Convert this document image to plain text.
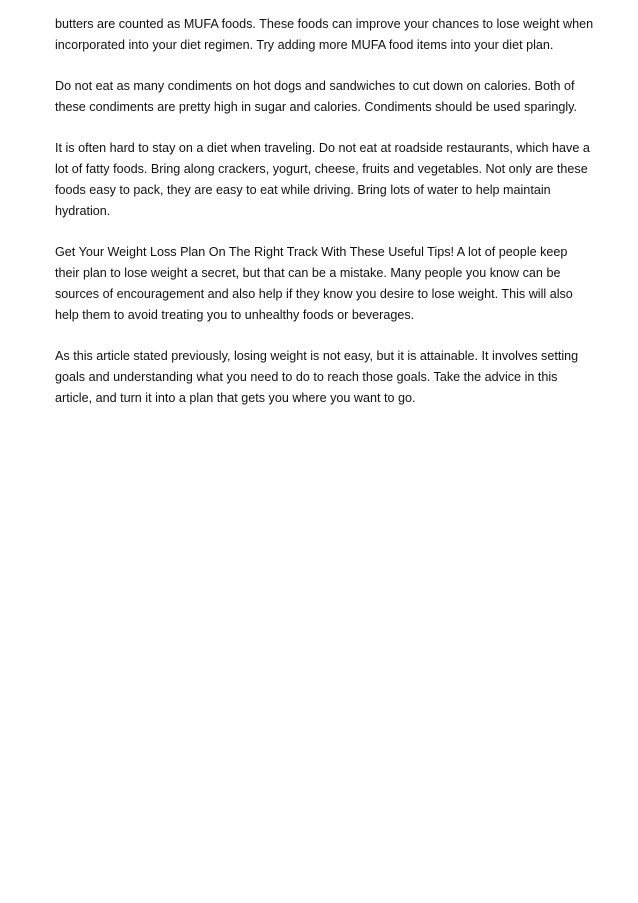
butters are counted as MUFA foods. These foods can improve your chances to lose weight when incorporated into your diet regimen. Try adding more MUFA food items into your diet plan.

Do not eat as many condiments on hot dogs and sandwiches to cut down on calories. Both of these condiments are pretty high in sugar and calories. Condiments should be used sparingly.

It is often hard to stay on a diet when traveling. Do not eat at roadside restaurants, which have a lot of fatty foods. Bring along crackers, yogurt, cheese, fruits and vegetables. Not only are these foods easy to pack, they are easy to eat while driving. Bring lots of water to help maintain hydration.

Get Your Weight Loss Plan On The Right Track With These Useful Tips! A lot of people keep their plan to lose weight a secret, but that can be a mistake. Many people you know can be sources of encouragement and also help if they know you desire to lose weight. This will also help them to avoid treating you to unhealthy foods or beverages.

As this article stated previously, losing weight is not easy, but it is attainable. It involves setting goals and understanding what you need to do to reach those goals. Take the advice in this article, and turn it into a plan that gets you where you want to go.
